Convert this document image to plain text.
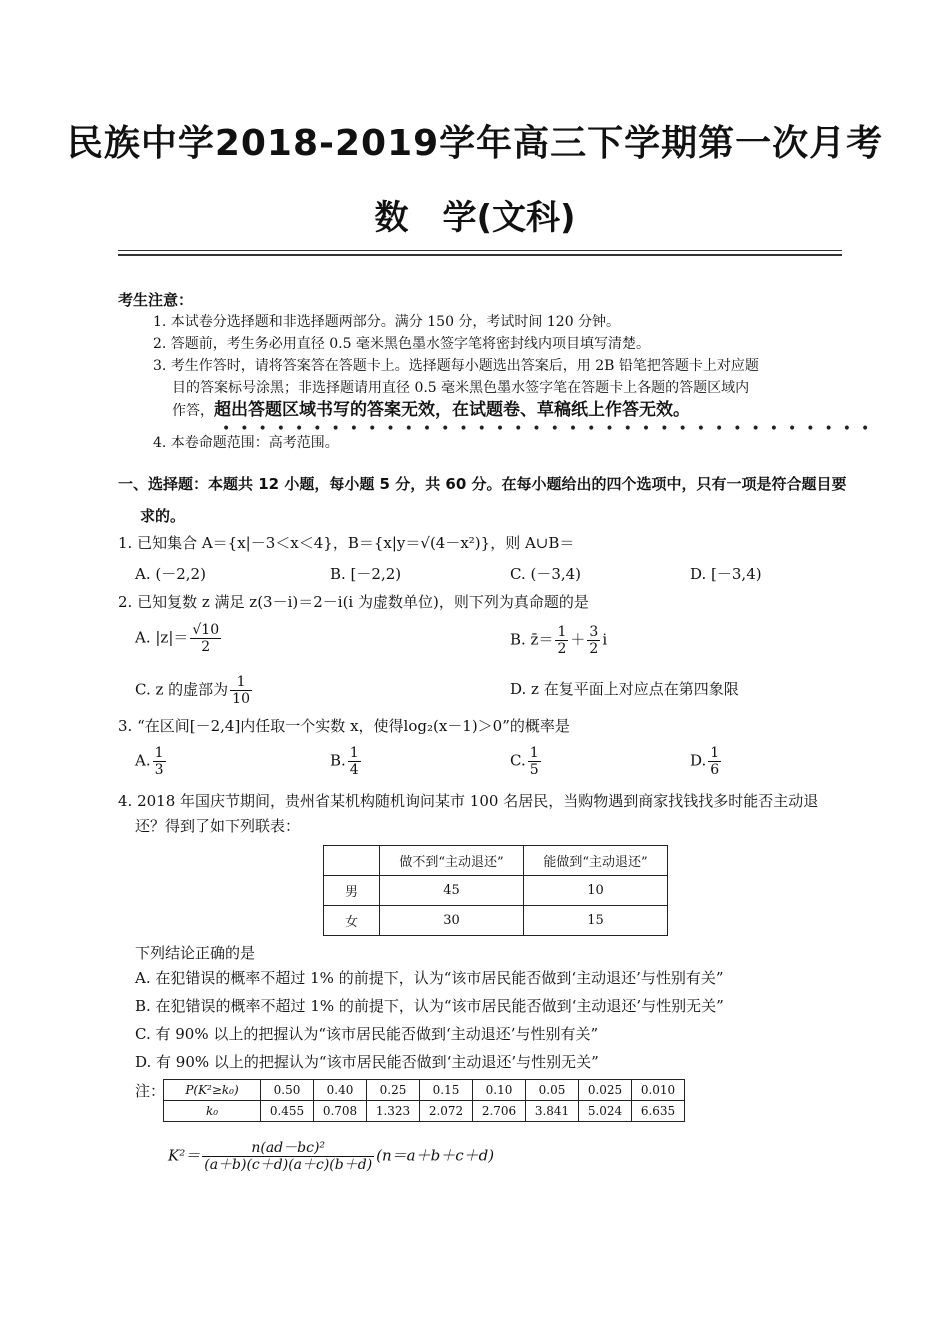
民族中学2018-2019学年高三下学期第一次月考
数　学(文科)
考生注意：
1. 本试卷分选择题和非选择题两部分。满分 150 分，考试时间 120 分钟。
2. 答题前，考生务必用直径 0.5 毫米黑色墨水签字笔将密封线内项目填写清楚。
3. 考生作答时，请将答案答在答题卡上。选择题每小题选出答案后，用 2B 铅笔把答题卡上对应题
目的答案标号涂黑；非选择题请用直径 0.5 毫米黑色墨水签字笔在答题卡上各题的答题区域内
作答，超出答题区域书写的答案无效，在试题卷、草稿纸上作答无效。
••••••••••••••••••••••••••••••••••••
4. 本卷命题范围：高考范围。
一、选择题：本题共 12 小题，每小题 5 分，共 60 分。在每小题给出的四个选项中，只有一项是符合题目要
求的。
1. 已知集合 A＝{x|－3＜x＜4}，B＝{x|y＝√(4－x²)}，则 A∪B＝
A. (－2,2)	B. [－2,2)	C. (－3,4)	D. [－3,4)
2. 已知复数 z 满足 z(3－i)＝2－i(i 为虚数单位)，则下列为真命题的是
A. $|z|= \frac{√10}{2}$	B. z̄＝ $\frac{1}{2} + \frac{3}{2}$ i
C. z 的虚部为 $\frac{1}{10}$	D. z 在复平面上对应点在第四象限
3. “在区间[－2,4]内任取一个实数 x，使得log₂(x－1)＞0”的概率是
A. $\frac{1}{3}$	B. $\frac{1}{4}$	C. $\frac{1}{5}$	D. $\frac{1}{6}$
4. 2018 年国庆节期间，贵州省某机构随机询问某市 100 名居民，当购物遇到商家找钱找多时能否主动退
还？得到了如下列联表：
	做不到“主动退还”	能做到“主动退还”
男	45	10
女	30	15
下列结论正确的是
A. 在犯错误的概率不超过 1% 的前提下，认为“该市居民能否做到‘主动退还’与性别有关”
B. 在犯错误的概率不超过 1% 的前提下，认为“该市居民能否做到‘主动退还’与性别无关”
C. 有 90% 以上的把握认为“该市居民能否做到‘主动退还’与性别有关”
D. 有 90% 以上的把握认为“该市居民能否做到‘主动退还’与性别无关”
注： P(K²≥k₀)	0.50	0.40	0.25	0.15	0.10	0.05	0.025	0.010
k₀	0.455	0.708	1.323	2.072	2.706	3.841	5.024	6.635
$K^2= \frac{\text{n(ad－bc)²}}{(a+b)(c+d)(a+c)(b+d)} (n=a+b+c+d)$
